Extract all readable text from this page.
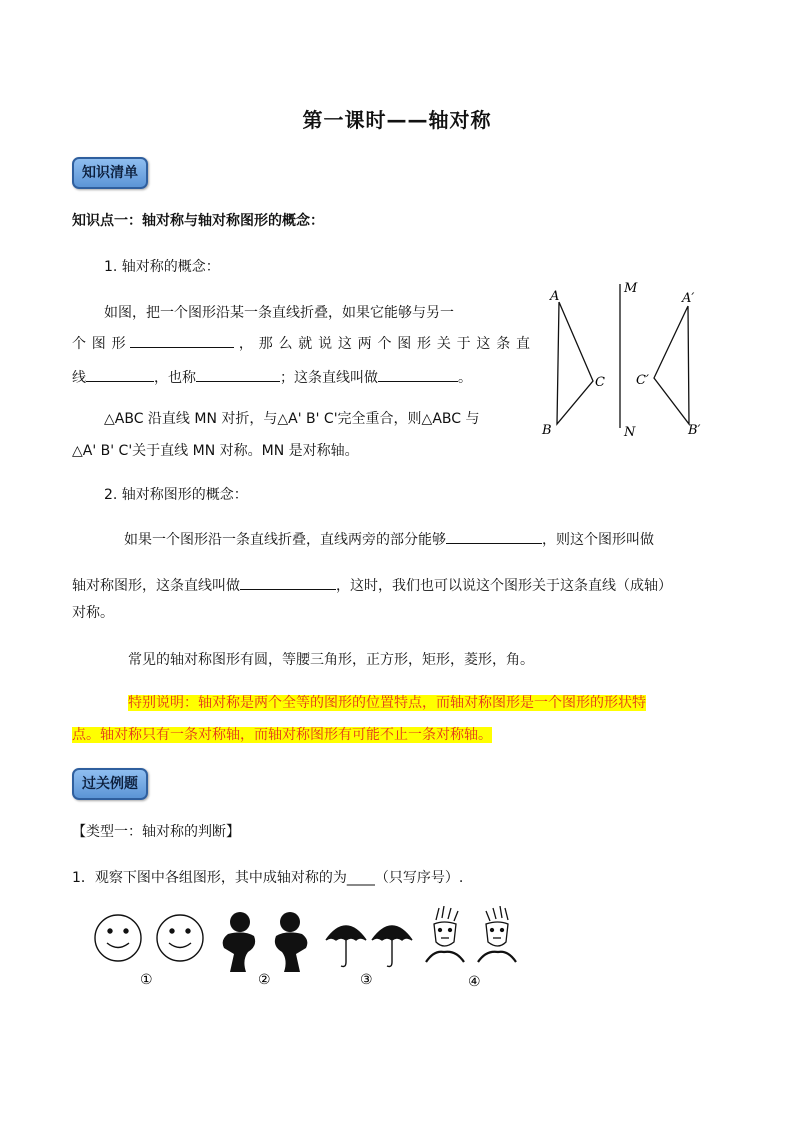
第一课时——轴对称
知识清单
知识点一：轴对称与轴对称图形的概念：
1. 轴对称的概念：
如图，把一个图形沿某一条直线折叠，如果它能够与另一
个 图 形	， 那 么 就 说 这 两 个 图 形 关 于 这 条 直
线	，也称	；这条直线叫做	。
△ABC 沿直线 MN 对折，与△A' B' C'完全重合，则△ABC 与
△A' B' C'关于直线 MN 对称。MN 是对称轴。
A
C
B
M
N
A′
C′
B′
2. 轴对称图形的概念：
如果一个图形沿一条直线折叠，直线两旁的部分能够	，则这个图形叫做
轴对称图形，这条直线叫做	，这时，我们也可以说这个图形关于这条直线（成轴）
对称。
常见的轴对称图形有圆，等腰三角形，正方形，矩形，菱形，角。
特别说明：轴对称是两个全等的图形的位置特点，而轴对称图形是一个图形的形状特
点。轴对称只有一条对称轴，而轴对称图形有可能不止一条对称轴。
过关例题
【类型一：轴对称的判断】
1．观察下图中各组图形，其中成轴对称的为____（只写序号）.
①	②	③	④
